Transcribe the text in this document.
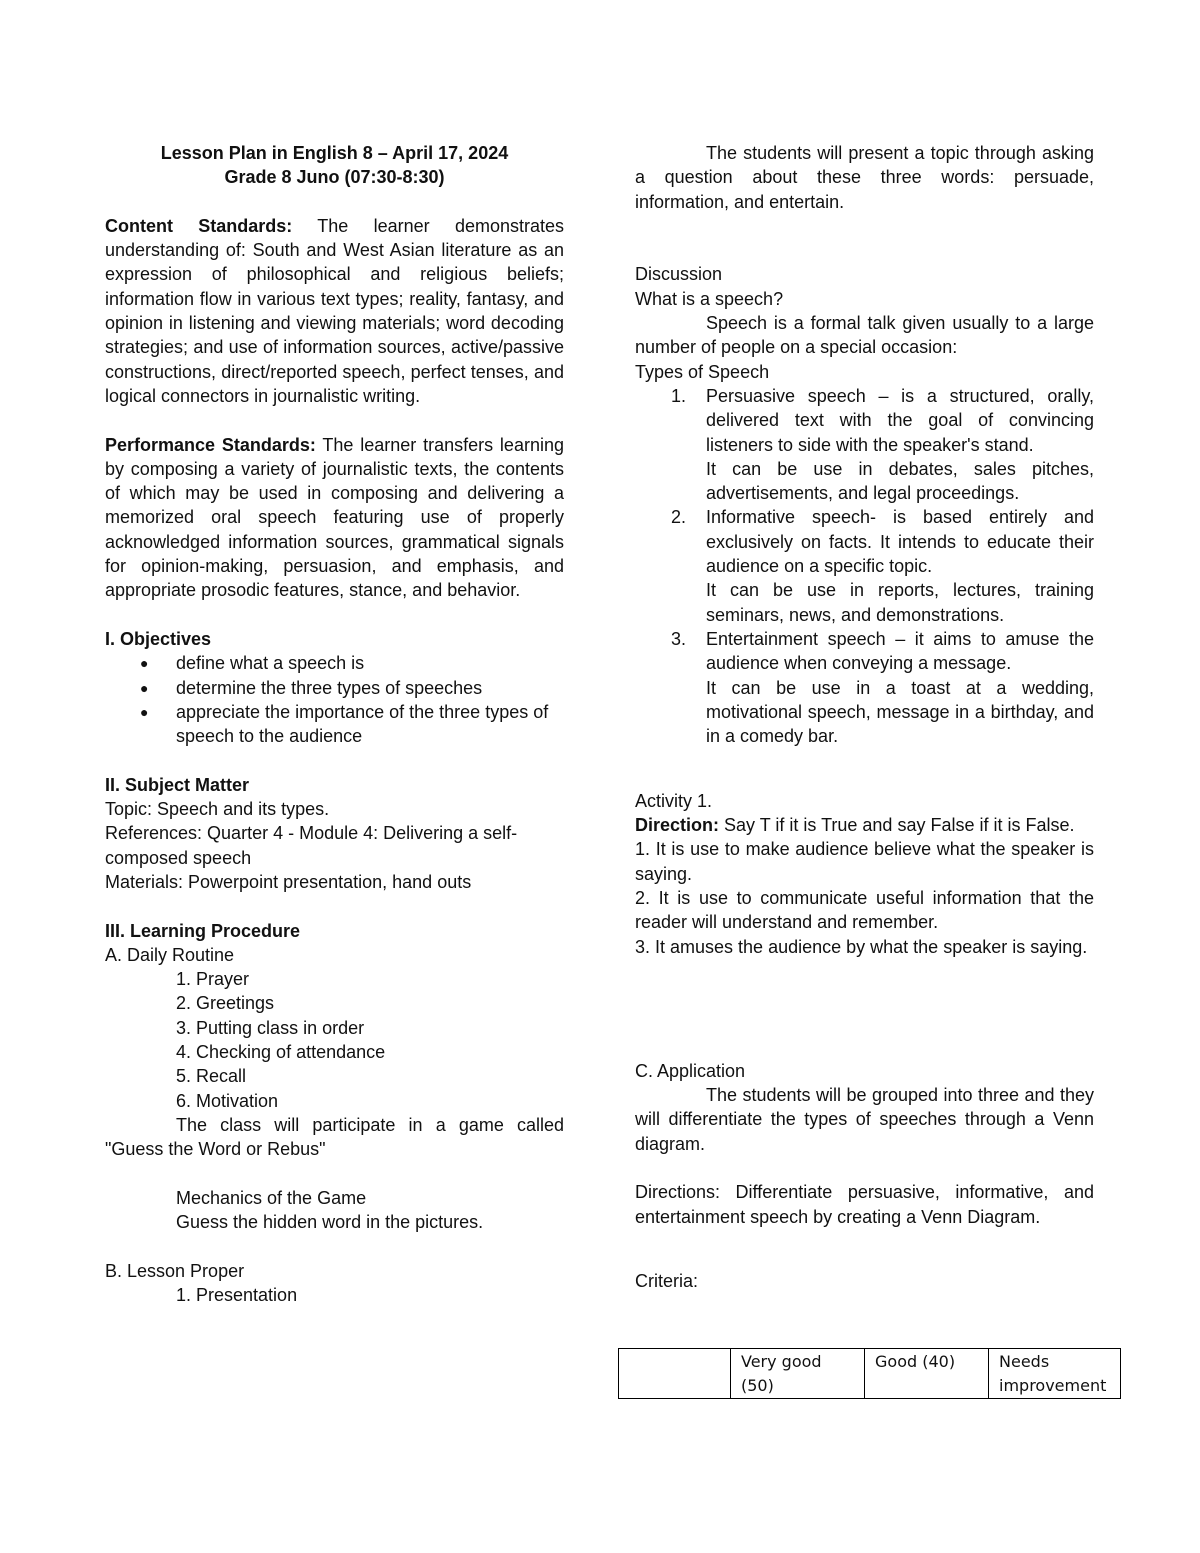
Lesson Plan in English 8 – April 17, 2024

Grade 8 Juno (07:30-8:30)

Content Standards: The learner demonstrates understanding of: South and West Asian literature as an expression of philosophical and religious beliefs; information flow in various text types; reality, fantasy, and opinion in listening and viewing materials; word decoding strategies; and use of information sources, active/passive constructions, direct/reported speech, perfect tenses, and logical connectors in journalistic writing.

Performance Standards: The learner transfers learning by composing a variety of journalistic texts, the contents of which may be used in composing and delivering a memorized oral speech featuring use of properly acknowledged information sources, grammatical signals for opinion-making, persuasion, and emphasis, and appropriate prosodic features, stance, and behavior.

I. Objectives

● define what a speech is
● determine the three types of speeches
● appreciate the importance of the three types of speech to the audience

II. Subject Matter

Topic: Speech and its types.

References: Quarter 4 - Module 4: Delivering a self-composed speech

Materials: Powerpoint presentation, hand outs

III. Learning Procedure

A. Daily Routine

1. Prayer

2. Greetings

3. Putting class in order

4. Checking of attendance

5. Recall

6. Motivation

The class will participate in a game called "Guess the Word or Rebus"

Mechanics of the Game

Guess the hidden word in the pictures.

B. Lesson Proper

1. Presentation

The students will present a topic through asking a question about these three words: persuade, information, and entertain.

Discussion

What is a speech?

Speech is a formal talk given usually to a large number of people on a special occasion:

Types of Speech

1. Persuasive speech – is a structured, orally, delivered text with the goal of convincing listeners to side with the speaker's stand.

It can be use in debates, sales pitches, advertisements, and legal proceedings.

2. Informative speech- is based entirely and exclusively on facts. It intends to educate their audience on a specific topic.

It can be use in reports, lectures, training seminars, news, and demonstrations.

3. Entertainment speech – it aims to amuse the audience when conveying a message.

It can be use in a toast at a wedding, motivational speech, message in a birthday, and in a comedy bar.

Activity 1.

Direction: Say T if it is True and say False if it is False.

1. It is use to make audience believe what the speaker is saying.

2. It is use to communicate useful information that the reader will understand and remember.

3. It amuses the audience by what the speaker is saying.

C. Application

The students will be grouped into three and they will differentiate the types of speeches through a Venn diagram.

Directions: Differentiate persuasive, informative, and entertainment speech by creating a Venn Diagram.

Criteria:

	Very good (50)	Good (40)	Needs improvement
